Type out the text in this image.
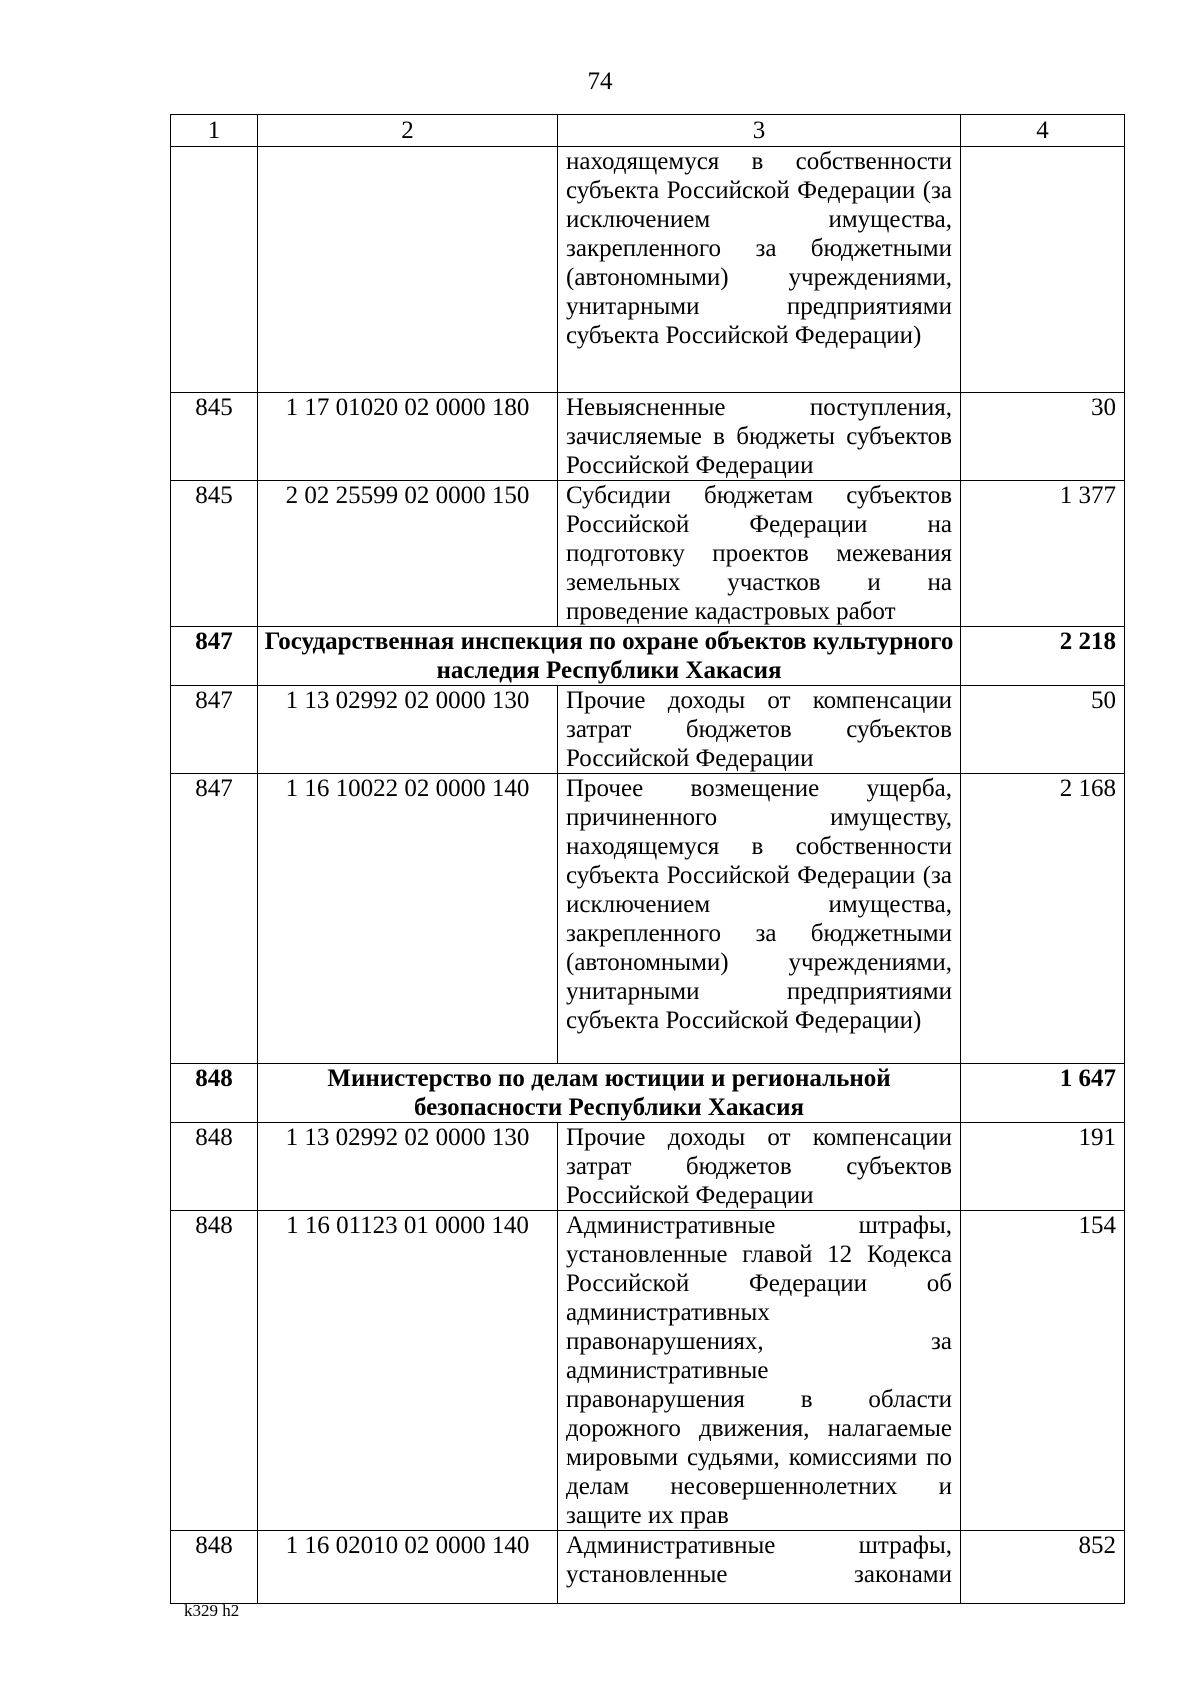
74
1	2	3	4
		находящемуся в собственности субъекта Российской Федерации (за исключением имущества, закрепленного за бюджетными (автономными) учреждениями, унитарными предприятиями субъекта Российской Федерации)	
845	1 17 01020 02 0000 180	Невыясненные поступления, зачисляемые в бюджеты субъектов Российской Федерации	30
845	2 02 25599 02 0000 150	Субсидии бюджетам субъектов Российской Федерации на подготовку проектов межевания земельных участков и на проведение кадастровых работ	1 377
847	Государственная инспекция по охране объектов культурного наследия Республики Хакасия		2 218
847	1 13 02992 02 0000 130	Прочие доходы от компенсации затрат бюджетов субъектов Российской Федерации	50
847	1 16 10022 02 0000 140	Прочее возмещение ущерба, причиненного имуществу, находящемуся в собственности субъекта Российской Федерации (за исключением имущества, закрепленного за бюджетными (автономными) учреждениями, унитарными предприятиями субъекта Российской Федерации)	2 168
848	Министерство по делам юстиции и региональной безопасности Республики Хакасия		1 647
848	1 13 02992 02 0000 130	Прочие доходы от компенсации затрат бюджетов субъектов Российской Федерации	191
848	1 16 01123 01 0000 140	Административные штрафы, установленные главой 12 Кодекса Российской Федерации об административных правонарушениях, за административные правонарушения в области дорожного движения, налагаемые мировыми судьями, комиссиями по делам несовершеннолетних и защите их прав	154
848	1 16 02010 02 0000 140	Административные штрафы, установленные законами	852
k329 h2
